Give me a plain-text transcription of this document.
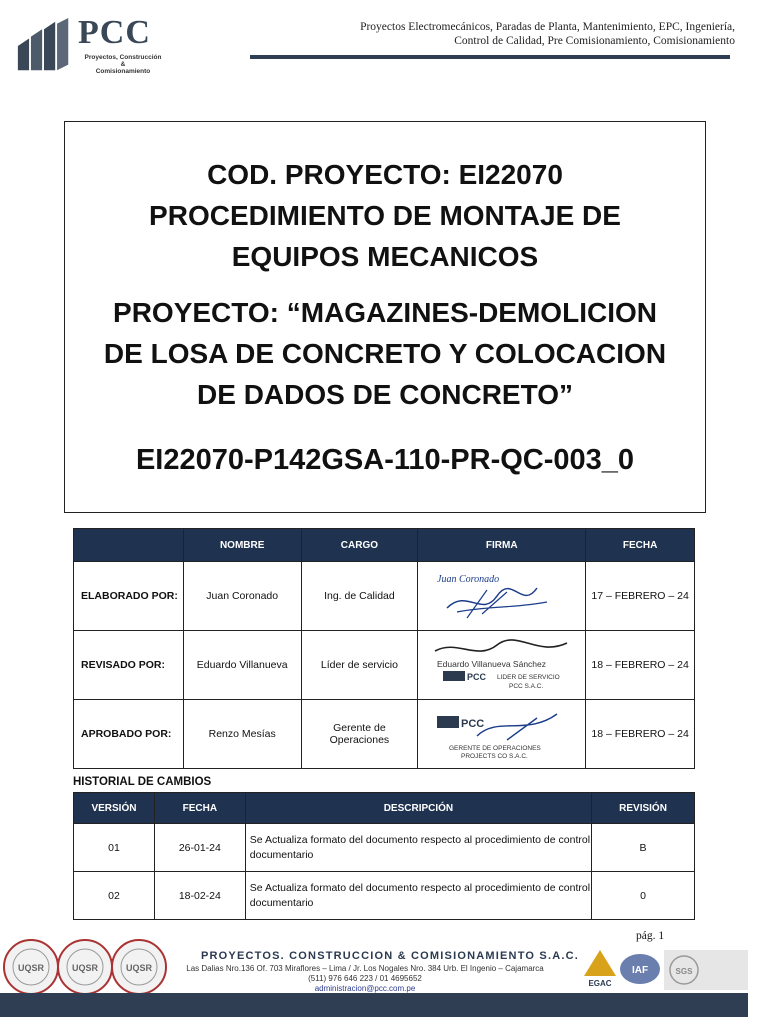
PCC
Proyectos, Construcción
&
Comisionamiento
Proyectos Electromecánicos, Paradas de Planta, Mantenimiento, EPC, Ingeniería,
Control de Calidad, Pre Comisionamiento, Comisionamiento
COD. PROYECTO: EI22070
PROCEDIMIENTO DE MONTAJE DE
EQUIPOS MECANICOS
PROYECTO: “MAGAZINES-DEMOLICION
DE LOSA DE CONCRETO Y COLOCACION
DE DADOS DE CONCRETO”
EI22070-P142GSA-110-PR-QC-003_0
	NOMBRE	CARGO	FIRMA	FECHA
ELABORADO POR:	Juan Coronado	Ing. de Calidad	Juan Coronado	17 – FEBRERO – 24
REVISADO POR:	Eduardo Villanueva	Líder de servicio	Eduardo Villanueva Sánchez
PCC LIDER DE SERVICIO
PCC S.A.C.	18 – FEBRERO – 24
APROBADO POR:	Renzo Mesías	Gerente de Operaciones	PCC
GERENTE DE OPERACIONES
PROJECTS CO S.A.C.	18 – FEBRERO – 24
HISTORIAL DE CAMBIOS
VERSIÓN	FECHA	DESCRIPCIÓN	REVISIÓN
01	26-01-24	Se Actualiza formato del documento respecto al procedimiento de control documentario	B
02	18-02-24	Se Actualiza formato del documento respecto al procedimiento de control documentario	0
pág. 1
UQSR	UQSR	UQSR
PROYECTOS. CONSTRUCCION & COMISIONAMIENTO S.A.C.
Las Dalias Nro.136 Of. 703 Miraflores – Lima / Jr. Los Nogales Nro. 384 Urb. El Ingenio – Cajamarca
(511) 976 646 223 / 01 4695652
administracion@pcc.com.pe
EGAC
IAF	SGS
